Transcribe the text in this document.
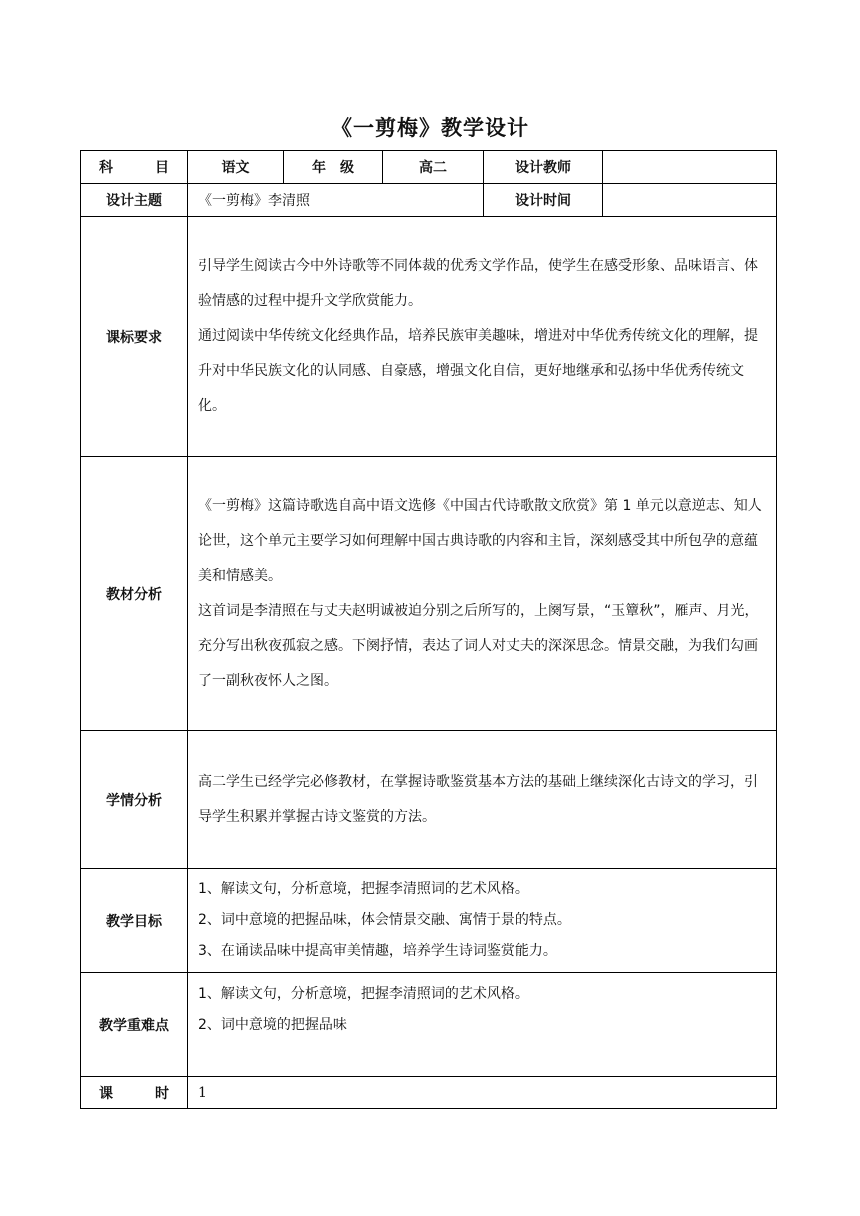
《一剪梅》教学设计
科　目	语文	年　级	高二	设计教师	
设计主题	《一剪梅》李清照			设计时间	
课标要求	引导学生阅读古今中外诗歌等不同体裁的优秀文学作品，使学生在感受形象、品味语言、体验情感的过程中提升文学欣赏能力。

通过阅读中华传统文化经典作品，培养民族审美趣味，增进对中华优秀传统文化的理解，提升对中华民族文化的认同感、自豪感，增强文化自信，更好地继承和弘扬中华优秀传统文化。				

教材分析	《一剪梅》这篇诗歌选自高中语文选修《中国古代诗歌散文欣赏》第 1 单元以意逆志、知人论世，这个单元主要学习如何理解中国古典诗歌的内容和主旨，深刻感受其中所包孕的意蕴美和情感美。

这首词是李清照在与丈夫赵明诚被迫分别之后所写的，上阕写景，“玉簟秋”，雁声、月光，充分写出秋夜孤寂之感。下阕抒情，表达了词人对丈夫的深深思念。情景交融，为我们勾画了一副秋夜怀人之图。				

学情分析	高二学生已经学完必修教材，在掌握诗歌鉴赏基本方法的基础上继续深化古诗文的学习，引导学生积累并掌握古诗文鉴赏的方法。				

教学目标	1、解读文句，分析意境，把握李清照词的艺术风格。

2、词中意境的把握品味，体会情景交融、寓情于景的特点。

3、在诵读品味中提高审美情趣，培养学生诗词鉴赏能力。				

教学重难点	1、解读文句，分析意境，把握李清照词的艺术风格。

2、词中意境的把握品味				

课　时	1				
